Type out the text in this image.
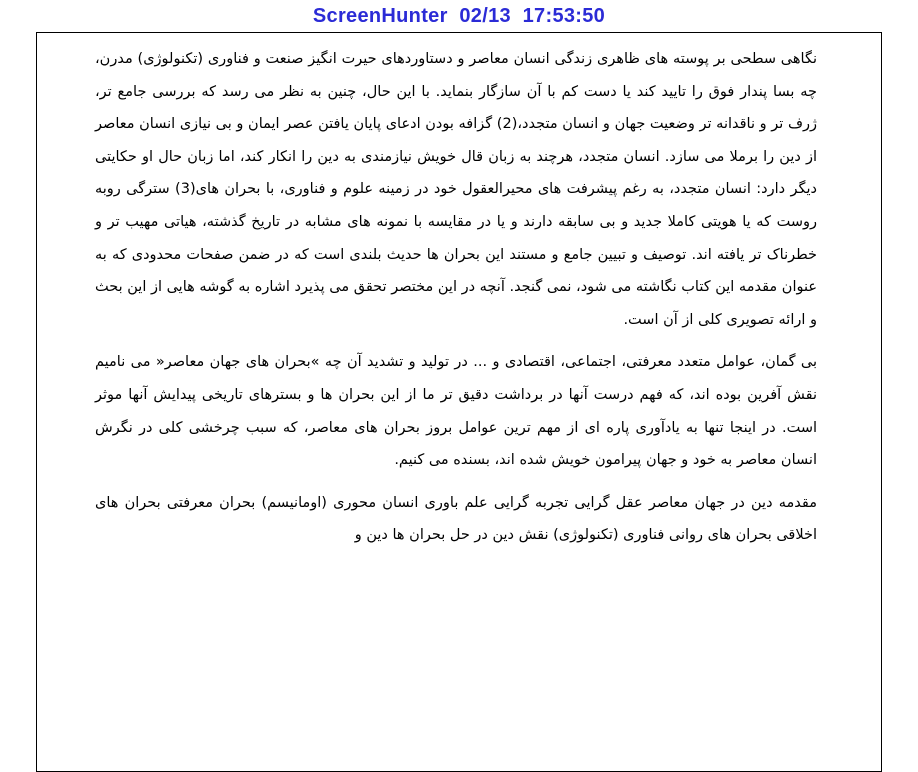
ScreenHunter  02/13  17:53:50

نگاهی سطحی بر پوسته های ظاهری زندگی انسان معاصر و دستاوردهای حیرت انگیز صنعت و فناوری (تکنولوژی) مدرن، چه بسا پندار فوق را تایید کند یا دست کم با آن سازگار بنماید. با این حال، چنین به نظر می رسد که بررسی جامع تر، ژرف تر و ناقدانه تر وضعیت جهان و انسان متجدد،(2) گزافه بودن ادعای پایان یافتن عصر ایمان و بی نیازی انسان معاصر از دین را برملا می سازد. انسان متجدد، هرچند به زبان قال خویش نیازمندی به دین را انکار کند، اما زبان حال او حکایتی دیگر دارد: انسان متجدد، به رغم پیشرفت های محیرالعقول خود در زمینه علوم و فناوری، با بحران های(3) سترگی روبه روست که یا هویتی کاملا جدید و بی سابقه دارند و یا در مقایسه با نمونه های مشابه در تاریخ گذشته، هیاتی مهیب تر و خطرناک تر یافته اند. توصیف و تبیین جامع و مستند این بحران ها حدیث بلندی است که در ضمن صفحات محدودی که به عنوان مقدمه این کتاب نگاشته می شود، نمی گنجد. آنچه در این مختصر تحقق می پذیرد اشاره به گوشه هایی از این بحث و ارائه تصویری کلی از آن است.

بی گمان، عوامل متعدد معرفتی، اجتماعی، اقتصادی و ... در تولید و تشدید آن چه »بحران های جهان معاصر« می نامیم نقش آفرین بوده اند، که فهم درست آنها در برداشت دقیق تر ما از این بحران ها و بسترهای تاریخی پیدایش آنها موثر است. در اینجا تنها به یادآوری پاره ای از مهم ترین عوامل بروز بحران های معاصر، که سبب چرخشی کلی در نگرش انسان معاصر به خود و جهان پیرامون خویش شده اند، بسنده می کنیم.

مقدمه دین در جهان معاصر عقل گرایی تجربه گرایی علم باوری انسان محوری (اومانیسم) بحران معرفتی بحران های اخلاقی بحران های روانی فناوری (تکنولوژی) نقش دین در حل بحران ها دین و
